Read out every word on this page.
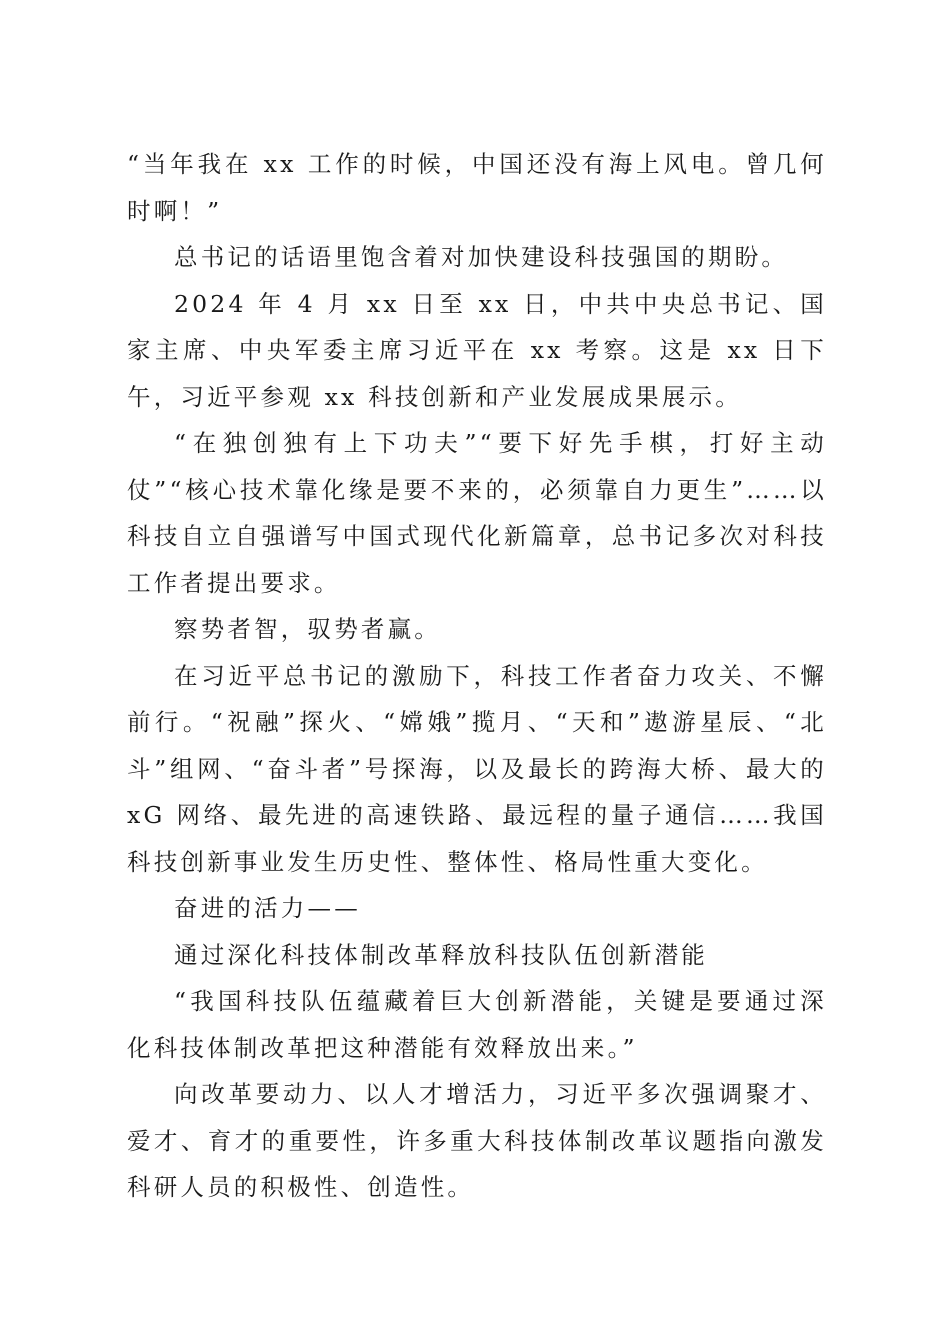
“当年我在 xx 工作的时候，中国还没有海上风电。曾几何时啊！”

总书记的话语里饱含着对加快建设科技强国的期盼。

2024 年 4 月 xx 日至 xx 日，中共中央总书记、国家主席、中央军委主席习近平在 xx 考察。这是 xx 日下午，习近平参观 xx 科技创新和产业发展成果展示。

“在独创独有上下功夫”“要下好先手棋，打好主动仗”“核心技术靠化缘是要不来的，必须靠自力更生”……以科技自立自强谱写中国式现代化新篇章，总书记多次对科技工作者提出要求。

察势者智，驭势者赢。

在习近平总书记的激励下，科技工作者奋力攻关、不懈前行。“祝融”探火、“嫦娥”揽月、“天和”遨游星辰、“北斗”组网、“奋斗者”号探海，以及最长的跨海大桥、最大的 xG 网络、最先进的高速铁路、最远程的量子通信……我国科技创新事业发生历史性、整体性、格局性重大变化。

奋进的活力——

通过深化科技体制改革释放科技队伍创新潜能

“我国科技队伍蕴藏着巨大创新潜能，关键是要通过深化科技体制改革把这种潜能有效释放出来。”

向改革要动力、以人才增活力，习近平多次强调聚才、爱才、育才的重要性，许多重大科技体制改革议题指向激发科研人员的积极性、创造性。
